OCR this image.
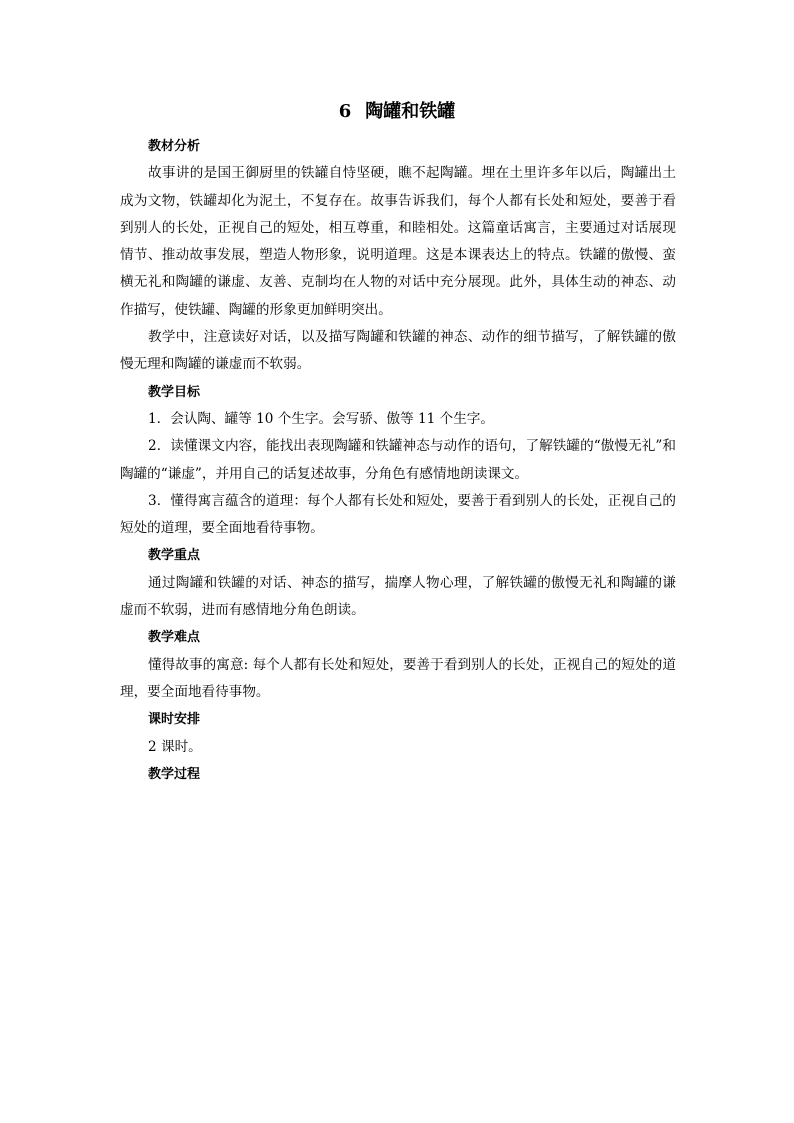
6 陶罐和铁罐

教材分析

故事讲的是国王御厨里的铁罐自恃坚硬，瞧不起陶罐。埋在土里许多年以后，陶罐出土成为文物，铁罐却化为泥土，不复存在。故事告诉我们，每个人都有长处和短处，要善于看到别人的长处，正视自己的短处，相互尊重，和睦相处。这篇童话寓言，主要通过对话展现情节、推动故事发展，塑造人物形象，说明道理。这是本课表达上的特点。铁罐的傲慢、蛮横无礼和陶罐的谦虚、友善、克制均在人物的对话中充分展现。此外，具体生动的神态、动作描写，使铁罐、陶罐的形象更加鲜明突出。

教学中，注意读好对话，以及描写陶罐和铁罐的神态、动作的细节描写，了解铁罐的傲慢无理和陶罐的谦虚而不软弱。

教学目标

1．会认陶、罐等 10 个生字。会写骄、傲等 11 个生字。

2．读懂课文内容，能找出表现陶罐和铁罐神态与动作的语句，了解铁罐的“傲慢无礼”和陶罐的“谦虚”，并用自己的话复述故事，分角色有感情地朗读课文。

3．懂得寓言蕴含的道理：每个人都有长处和短处，要善于看到别人的长处，正视自己的短处的道理，要全面地看待事物。

教学重点

通过陶罐和铁罐的对话、神态的描写，揣摩人物心理，了解铁罐的傲慢无礼和陶罐的谦虚而不软弱，进而有感情地分角色朗读。

教学难点

懂得故事的寓意: 每个人都有长处和短处，要善于看到别人的长处，正视自己的短处的道理，要全面地看待事物。

课时安排

2 课时。

教学过程
